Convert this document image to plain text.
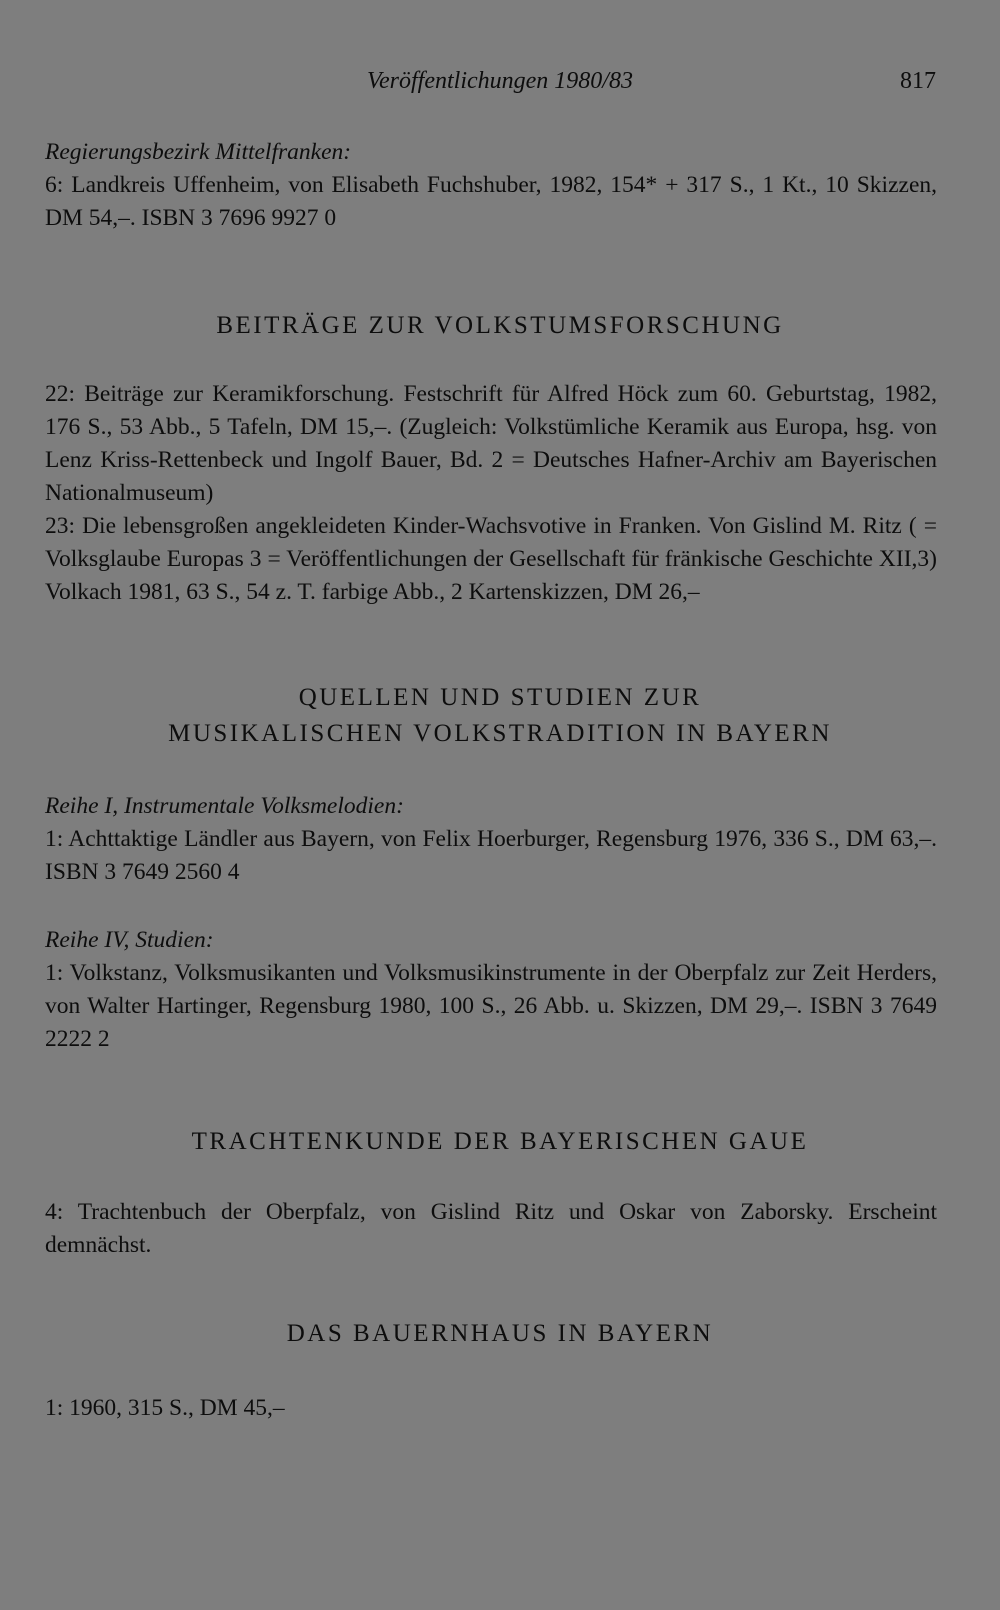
Veröffentlichungen 1980/83	817

Regierungsbezirk Mittelfranken:

6: Landkreis Uffenheim, von Elisabeth Fuchshuber, 1982, 154* + 317 S., 1 Kt., 10 Skizzen, DM 54,–. ISBN 3 7696 9927 0

BEITRÄGE ZUR VOLKSTUMSFORSCHUNG

22: Beiträge zur Keramikforschung. Festschrift für Alfred Höck zum 60. Geburtstag, 1982, 176 S., 53 Abb., 5 Tafeln, DM 15,–. (Zugleich: Volkstümliche Keramik aus Europa, hsg. von Lenz Kriss-Rettenbeck und Ingolf Bauer, Bd. 2 = Deutsches Hafner-Archiv am Bayerischen Nationalmuseum)

23: Die lebensgroßen angekleideten Kinder-Wachsvotive in Franken. Von Gislind M. Ritz ( = Volksglaube Europas 3 = Veröffentlichungen der Gesellschaft für fränkische Geschichte XII,3) Volkach 1981, 63 S., 54 z. T. farbige Abb., 2 Kartenskizzen, DM 26,–

QUELLEN UND STUDIEN ZUR
MUSIKALISCHEN VOLKSTRADITION IN BAYERN

Reihe I, Instrumentale Volksmelodien:

1: Achttaktige Ländler aus Bayern, von Felix Hoerburger, Regensburg 1976, 336 S., DM 63,–. ISBN 3 7649 2560 4

Reihe IV, Studien:

1: Volkstanz, Volksmusikanten und Volksmusikinstrumente in der Oberpfalz zur Zeit Herders, von Walter Hartinger, Regensburg 1980, 100 S., 26 Abb. u. Skizzen, DM 29,–. ISBN 3 7649 2222 2

TRACHTENKUNDE DER BAYERISCHEN GAUE

4: Trachtenbuch der Oberpfalz, von Gislind Ritz und Oskar von Zaborsky. Erscheint demnächst.

DAS BAUERNHAUS IN BAYERN

1: 1960, 315 S., DM 45,–
